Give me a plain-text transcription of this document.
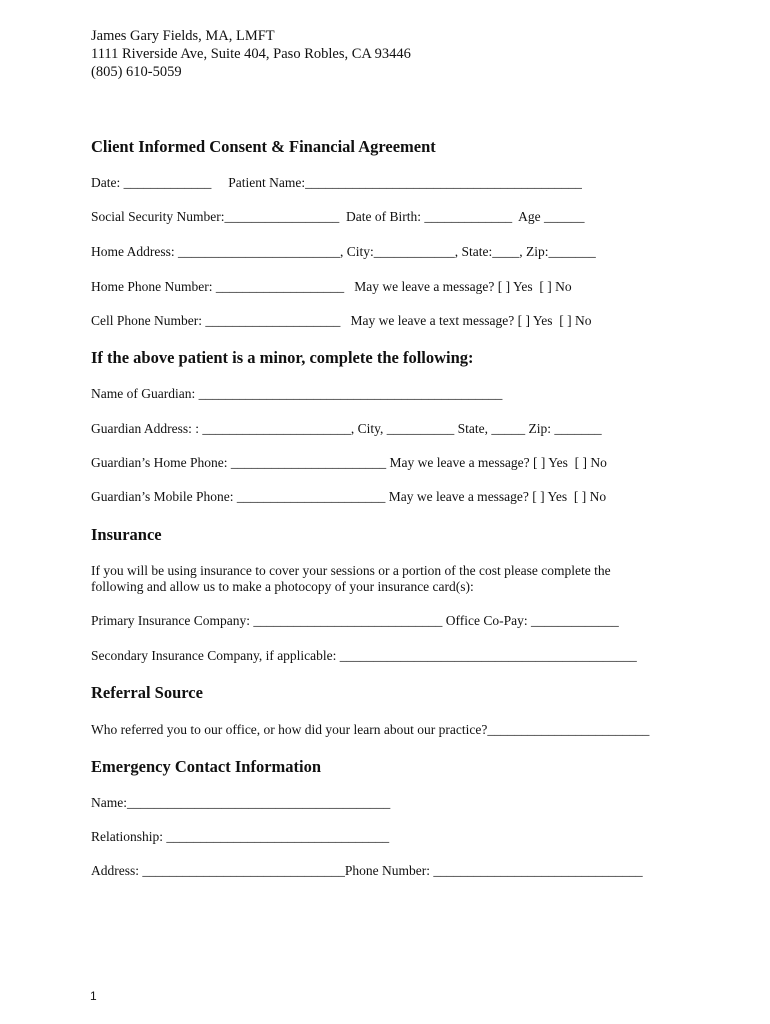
James Gary Fields, MA, LMFT
1111 Riverside Ave, Suite 404, Paso Robles, CA 93446
(805) 610-5059
Client Informed Consent & Financial Agreement
Date: _____________     Patient Name:_________________________________________
Social Security Number:_________________  Date of Birth: _____________  Age ______
Home Address: ________________________, City:____________, State:____, Zip:_______
Home Phone Number: ___________________   May we leave a message? [ ] Yes  [ ] No
Cell Phone Number: ____________________   May we leave a text message? [ ] Yes  [ ] No
If the above patient is a minor, complete the following:
Name of Guardian: _____________________________________________
Guardian Address: : ______________________, City, __________ State, _____ Zip: _______
Guardian’s Home Phone: _______________________ May we leave a message? [ ] Yes  [ ] No
Guardian’s Mobile Phone: ______________________ May we leave a message? [ ] Yes  [ ] No
Insurance
If you will be using insurance to cover your sessions or a portion of the cost please complete the
following and allow us to make a photocopy of your insurance card(s):
Primary Insurance Company: ____________________________ Office Co-Pay: _____________
Secondary Insurance Company, if applicable: ____________________________________________
Referral Source
Who referred you to our office, or how did your learn about our practice?________________________
Emergency Contact Information
Name:_______________________________________
Relationship: _________________________________
Address: ______________________________Phone Number: _______________________________
1
